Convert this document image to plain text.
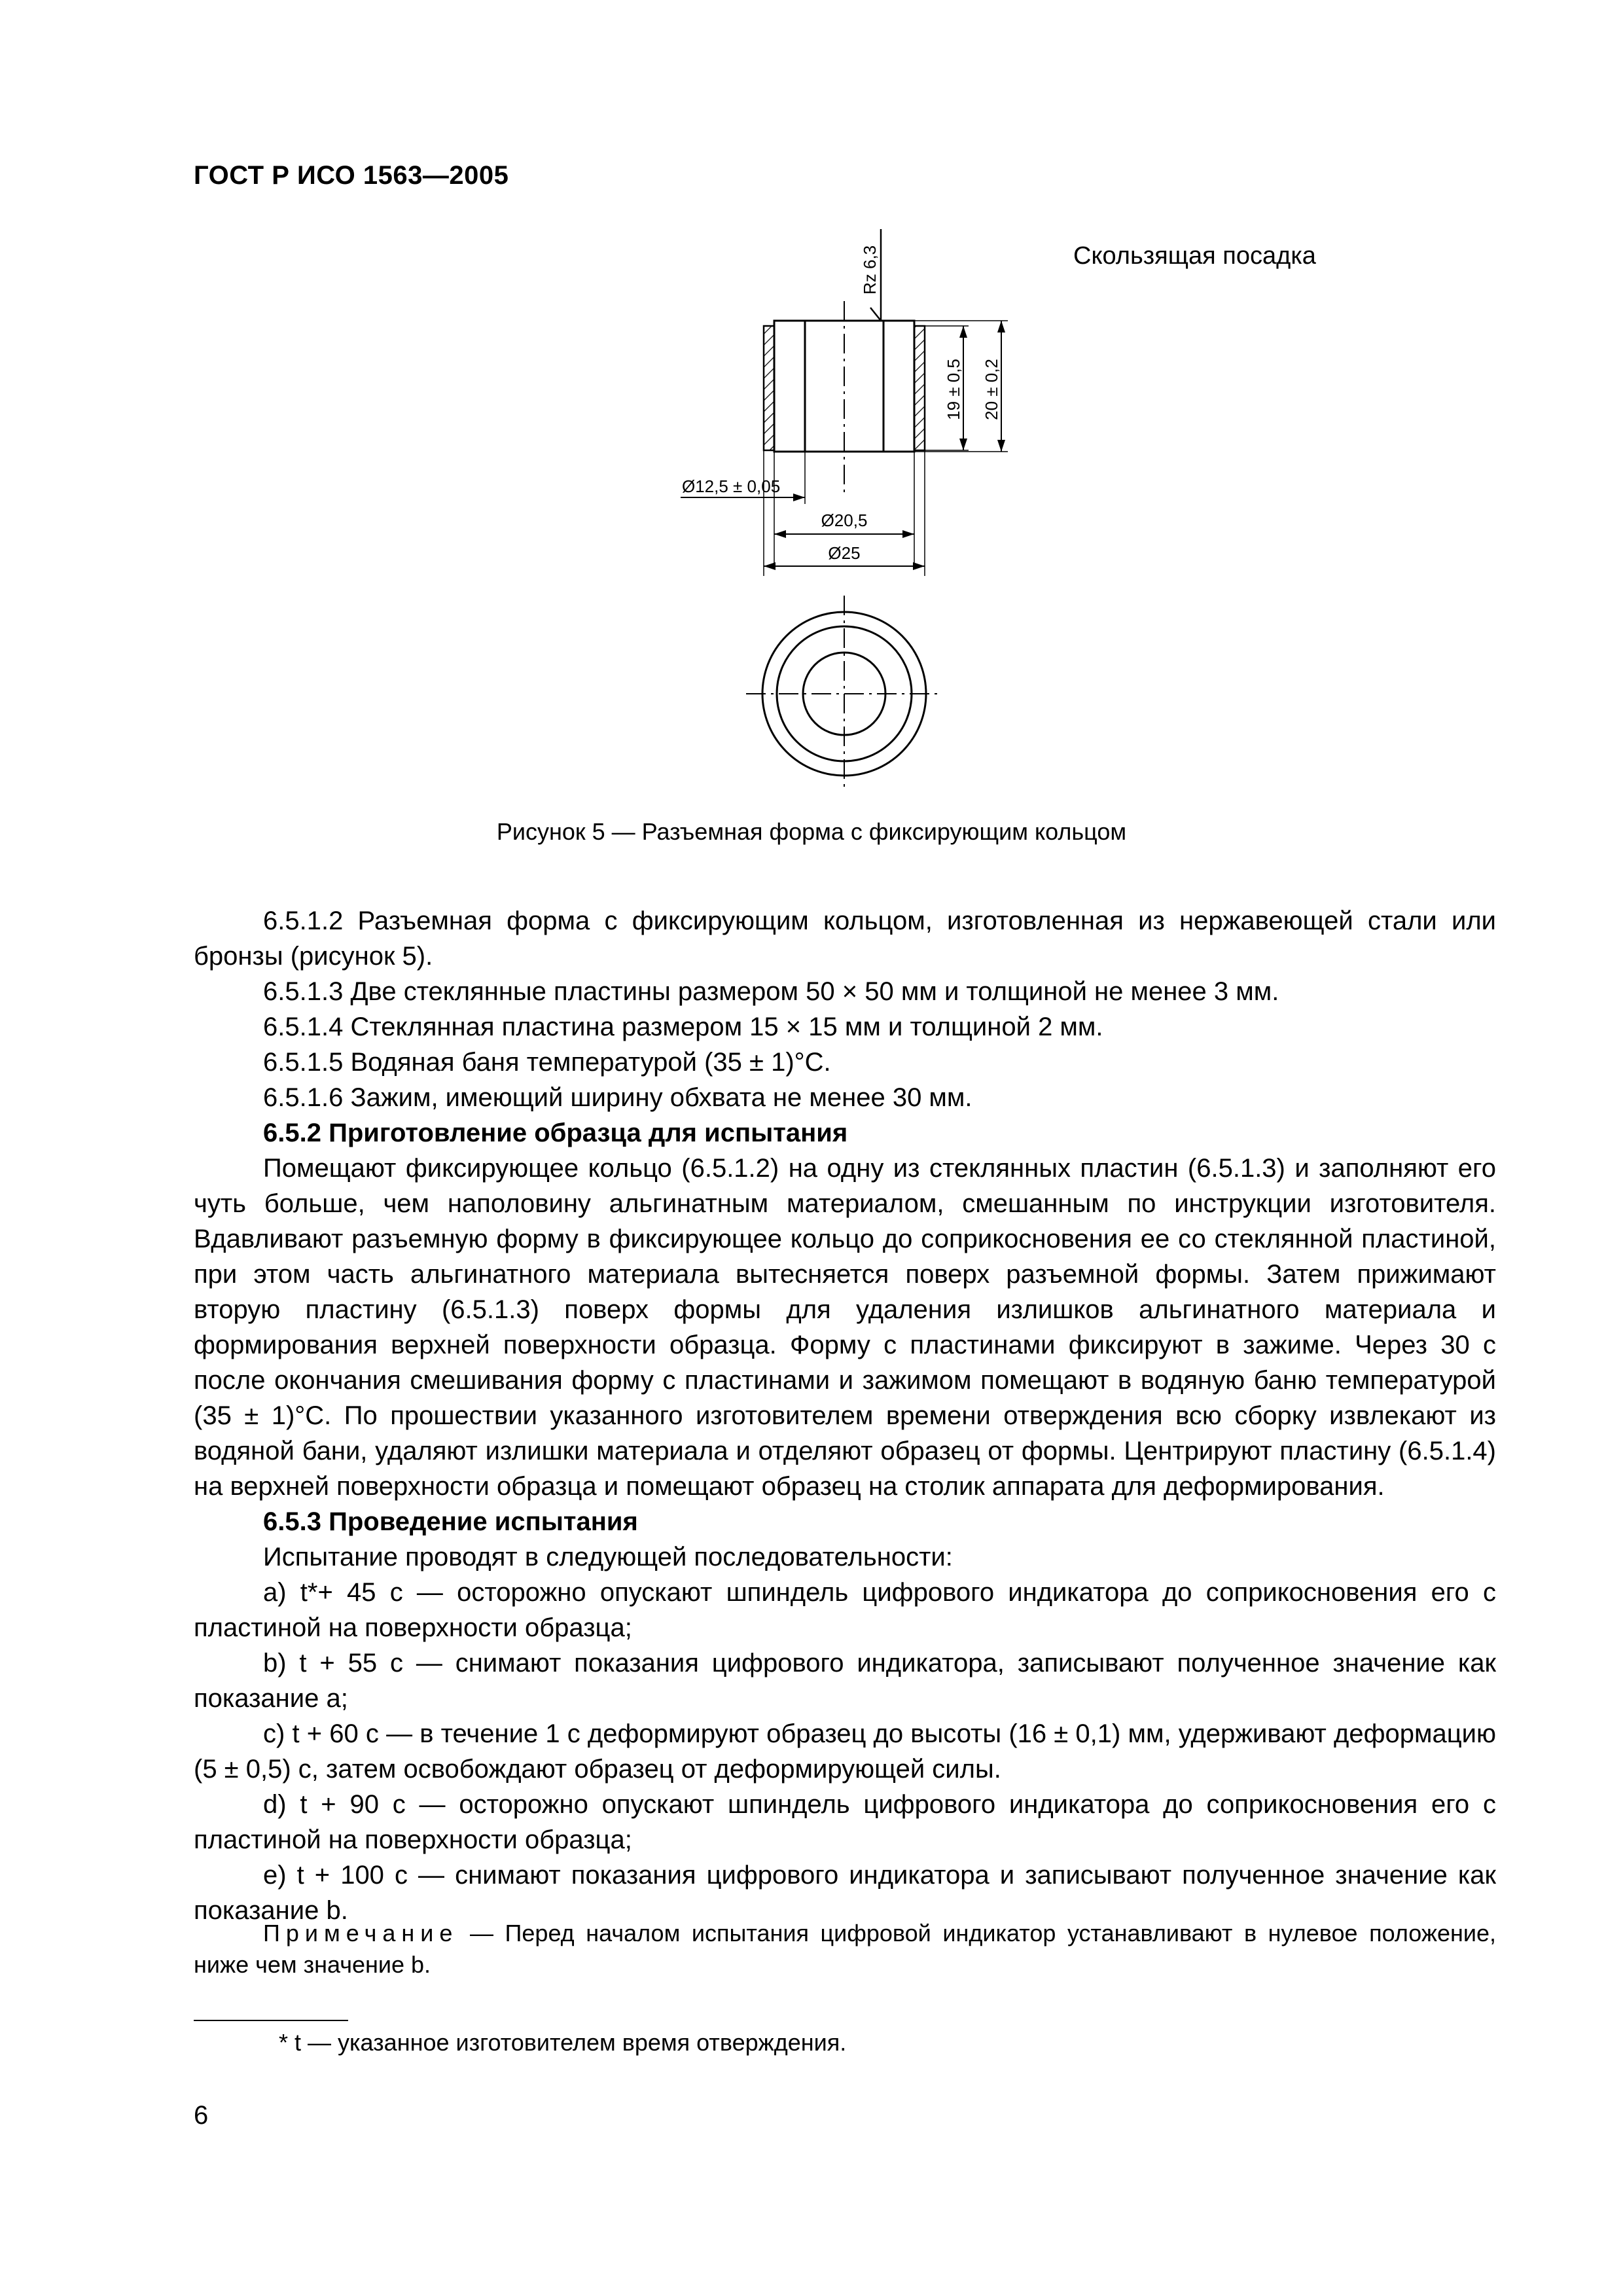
ГОСТ Р ИСО 1563—2005
Скользящая посадка
Rz 6,3
19 ± 0,5 20 ± 0,2
Ø12,5 ± 0,05
Ø20,5
Ø25
Рисунок 5 — Разъемная форма с фиксирующим кольцом

6.5.1.2 Разъемная форма с фиксирующим кольцом, изготовленная из нержавеющей стали или бронзы (рисунок 5).

6.5.1.3 Две стеклянные пластины размером 50 × 50 мм и толщиной не менее 3 мм.

6.5.1.4 Стеклянная пластина размером 15 × 15 мм и толщиной 2 мм.

6.5.1.5 Водяная баня температурой (35 ± 1)°С.

6.5.1.6 Зажим, имеющий ширину обхвата не менее 30 мм.

6.5.2 Приготовление образца для испытания

Помещают фиксирующее кольцо (6.5.1.2) на одну из стеклянных пластин (6.5.1.3) и заполняют его чуть больше, чем наполовину альгинатным материалом, смешанным по инструкции изготовителя. Вдавливают разъемную форму в фиксирующее кольцо до соприкосновения ее со стеклянной пластиной, при этом часть альгинатного материала вытесняется поверх разъемной формы. Затем прижимают вторую пластину (6.5.1.3) поверх формы для удаления излишков альгинатного материала и формирования верхней поверхности образца. Форму с пластинами фиксируют в зажиме. Через 30 с после окончания смешивания форму с пластинами и зажимом помещают в водяную баню температурой (35 ± 1)°С. По прошествии указанного изготовителем времени отверждения всю сборку извлекают из водяной бани, удаляют излишки материала и отделяют образец от формы. Центрируют пластину (6.5.1.4) на верхней поверхности образца и помещают образец на столик аппарата для деформирования.

6.5.3 Проведение испытания

Испытание проводят в следующей последовательности:

а) t*+ 45 с — осторожно опускают шпиндель цифрового индикатора до соприкосновения его с пластиной на поверхности образца;

b) t + 55 с — снимают показания цифрового индикатора, записывают полученное значение как показание а;

с) t + 60 с — в течение 1 с деформируют образец до высоты (16 ± 0,1) мм, удерживают деформацию (5 ± 0,5) с, затем освобождают образец от деформирующей силы.

d) t + 90 с — осторожно опускают шпиндель цифрового индикатора до соприкосновения его с пластиной на поверхности образца;

е) t + 100 с — снимают показания цифрового индикатора и записывают полученное значение как показание b.

Примечание — Перед началом испытания цифровой индикатор устанавливают в нулевое положение, ниже чем значение b.
* t — указанное изготовителем время отверждения.
6
